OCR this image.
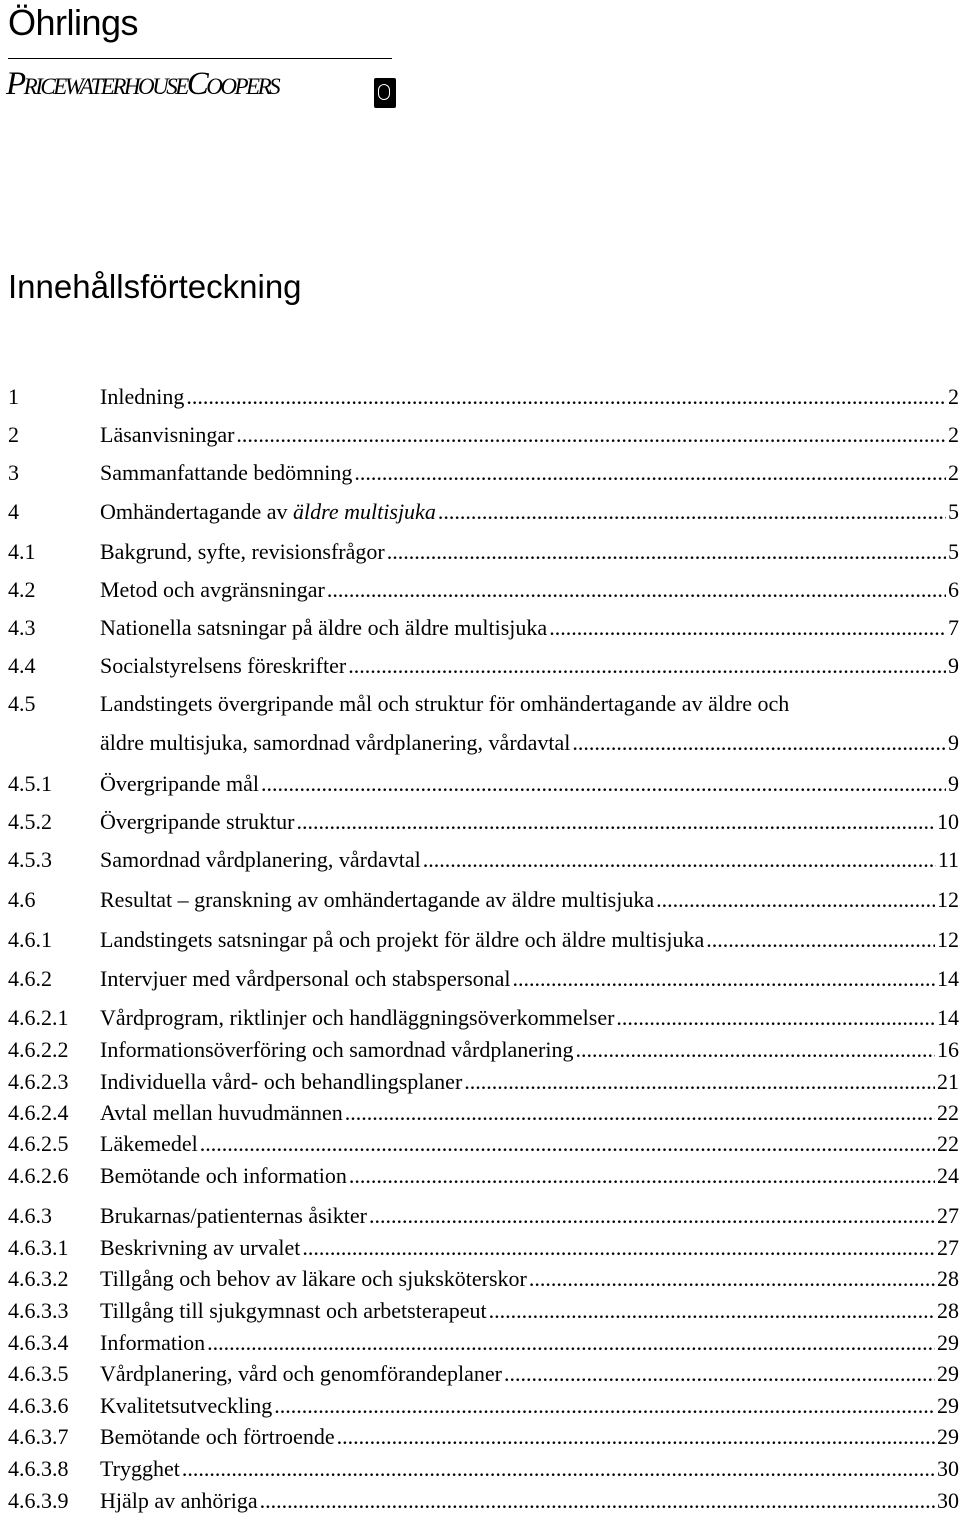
Öhrlings
PricewaterhouseCoopers
Innehållsförteckning
1	Inledning .....	2
2	Läsanvisningar .....	2
3	Sammanfattande bedömning .....	2
4	Omhändertagande av äldre multisjuka .....	5
4.1	Bakgrund, syfte, revisionsfrågor .....	5
4.2	Metod och avgränsningar .....	6
4.3	Nationella satsningar på äldre och äldre multisjuka .....	7
4.4	Socialstyrelsens föreskrifter .....	9
4.5	Landstingets övergripande mål och struktur för omhändertagande av äldre och
äldre multisjuka, samordnad vårdplanering, vårdavtal .....	9
4.5.1 Övergripande mål .....	9
4.5.2 Övergripande struktur .....	10
4.5.3 Samordnad vårdplanering, vårdavtal .....	11
4.6	Resultat – granskning av omhändertagande av äldre multisjuka .....	12
4.6.1 Landstingets satsningar på och projekt för äldre och äldre multisjuka .....	12
4.6.2 Intervjuer med vårdpersonal och stabspersonal .....	14
4.6.2.1 Vårdprogram, riktlinjer och handläggningsöverkommelser .....	14
4.6.2.2 Informationsöverföring och samordnad vårdplanering .....	16
4.6.2.3 Individuella vård- och behandlingsplaner .....	21
4.6.2.4 Avtal mellan huvudmännen .....	22
4.6.2.5 Läkemedel .....	22
4.6.2.6 Bemötande och information .....	24
4.6.3 Brukarnas/patienternas åsikter .....	27
4.6.3.1 Beskrivning av urvalet .....	27
4.6.3.2 Tillgång och behov av läkare och sjuksköterskor .....	28
4.6.3.3 Tillgång till sjukgymnast och arbetsterapeut .....	28
4.6.3.4 Information .....	29
4.6.3.5 Vårdplanering, vård och genomförandeplaner .....	29
4.6.3.6 Kvalitetsutveckling .....	29
4.6.3.7 Bemötande och förtroende .....	29
4.6.3.8 Trygghet .....	30
4.6.3.9 Hjälp av anhöriga .....	30
